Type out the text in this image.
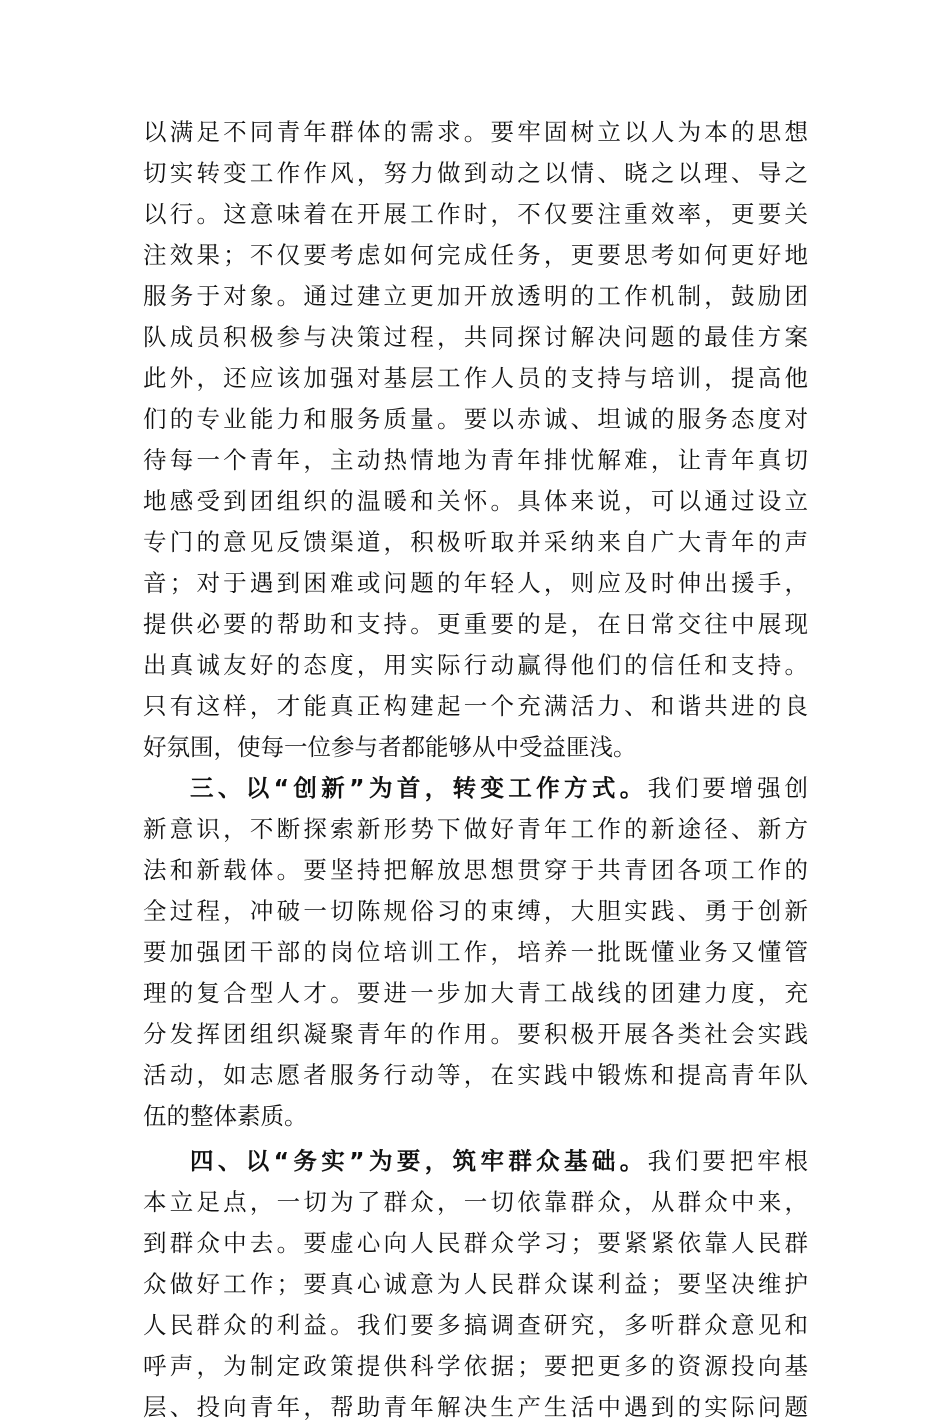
以满足不同青年群体的需求。要牢固树立以人为本的思想
切实转变工作作风，努力做到动之以情、晓之以理、导之
以行。这意味着在开展工作时，不仅要注重效率，更要关
注效果；不仅要考虑如何完成任务，更要思考如何更好地
服务于对象。通过建立更加开放透明的工作机制，鼓励团
队成员积极参与决策过程，共同探讨解决问题的最佳方案
此外，还应该加强对基层工作人员的支持与培训，提高他
们的专业能力和服务质量。要以赤诚、坦诚的服务态度对
待每一个青年，主动热情地为青年排忧解难，让青年真切
地感受到团组织的温暖和关怀。具体来说，可以通过设立
专门的意见反馈渠道，积极听取并采纳来自广大青年的声
音；对于遇到困难或问题的年轻人，则应及时伸出援手，
提供必要的帮助和支持。更重要的是，在日常交往中展现
出真诚友好的态度，用实际行动赢得他们的信任和支持。
只有这样，才能真正构建起一个充满活力、和谐共进的良
好氛围，使每一位参与者都能够从中受益匪浅。
三、以“创新”为首，转变工作方式。我们要增强创
新意识，不断探索新形势下做好青年工作的新途径、新方
法和新载体。要坚持把解放思想贯穿于共青团各项工作的
全过程，冲破一切陈规俗习的束缚，大胆实践、勇于创新
要加强团干部的岗位培训工作，培养一批既懂业务又懂管
理的复合型人才。要进一步加大青工战线的团建力度，充
分发挥团组织凝聚青年的作用。要积极开展各类社会实践
活动，如志愿者服务行动等，在实践中锻炼和提高青年队
伍的整体素质。
四、以“务实”为要，筑牢群众基础。我们要把牢根
本立足点，一切为了群众，一切依靠群众，从群众中来，
到群众中去。要虚心向人民群众学习；要紧紧依靠人民群
众做好工作；要真心诚意为人民群众谋利益；要坚决维护
人民群众的利益。我们要多搞调查研究，多听群众意见和
呼声，为制定政策提供科学依据；要把更多的资源投向基
层、投向青年，帮助青年解决生产生活中遇到的实际问题
